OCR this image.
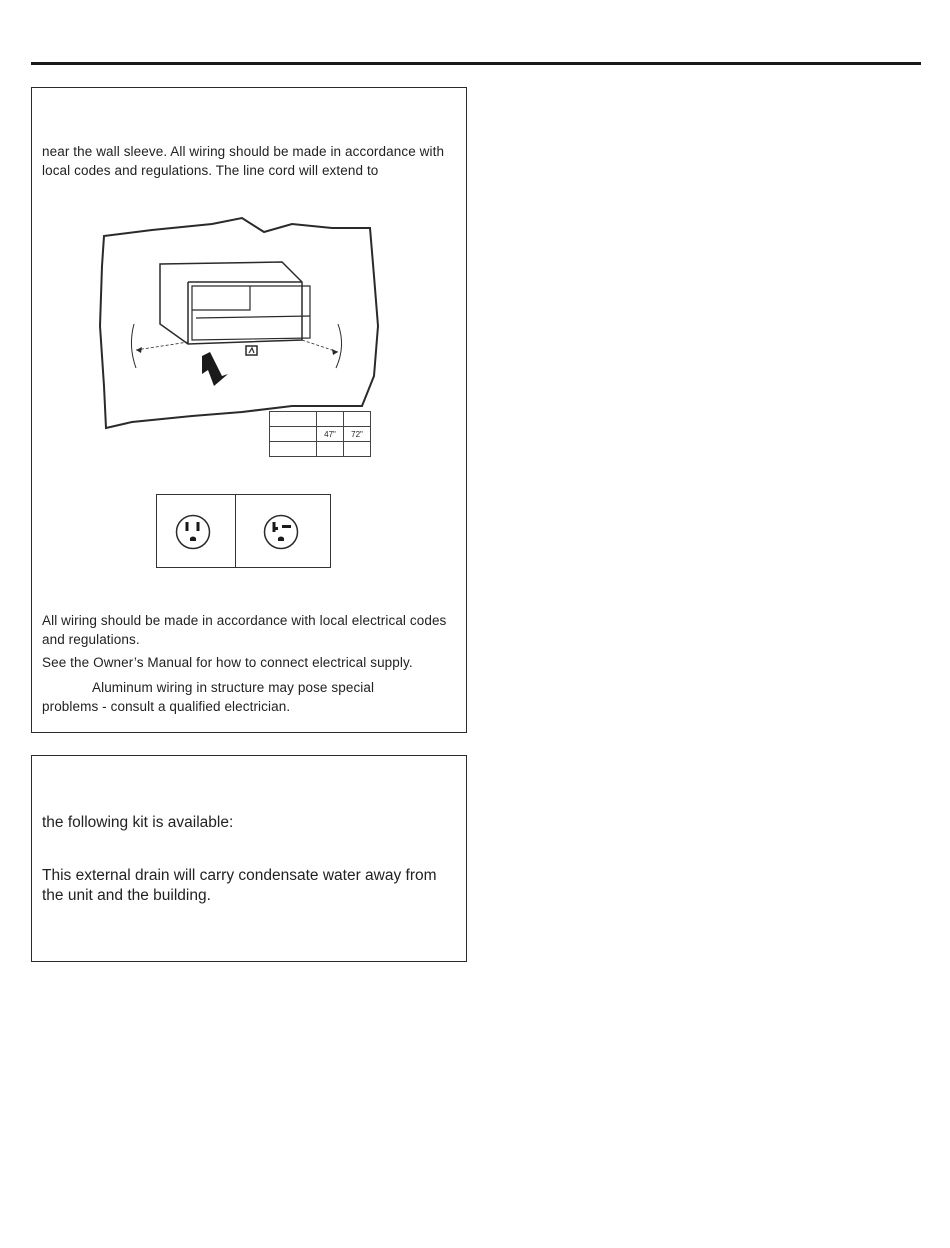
near the wall sleeve. All wiring should be made in accordance with local codes and regulations. The line cord will extend to

	47"	72"

All wiring should be made in accordance with local electrical codes and regulations.

See the Owner’s Manual for how to connect electrical supply.

Aluminum wiring in structure may pose special problems - consult a qualified electrician.

the following kit is available:

This external drain will carry condensate water away from the unit and the building.
